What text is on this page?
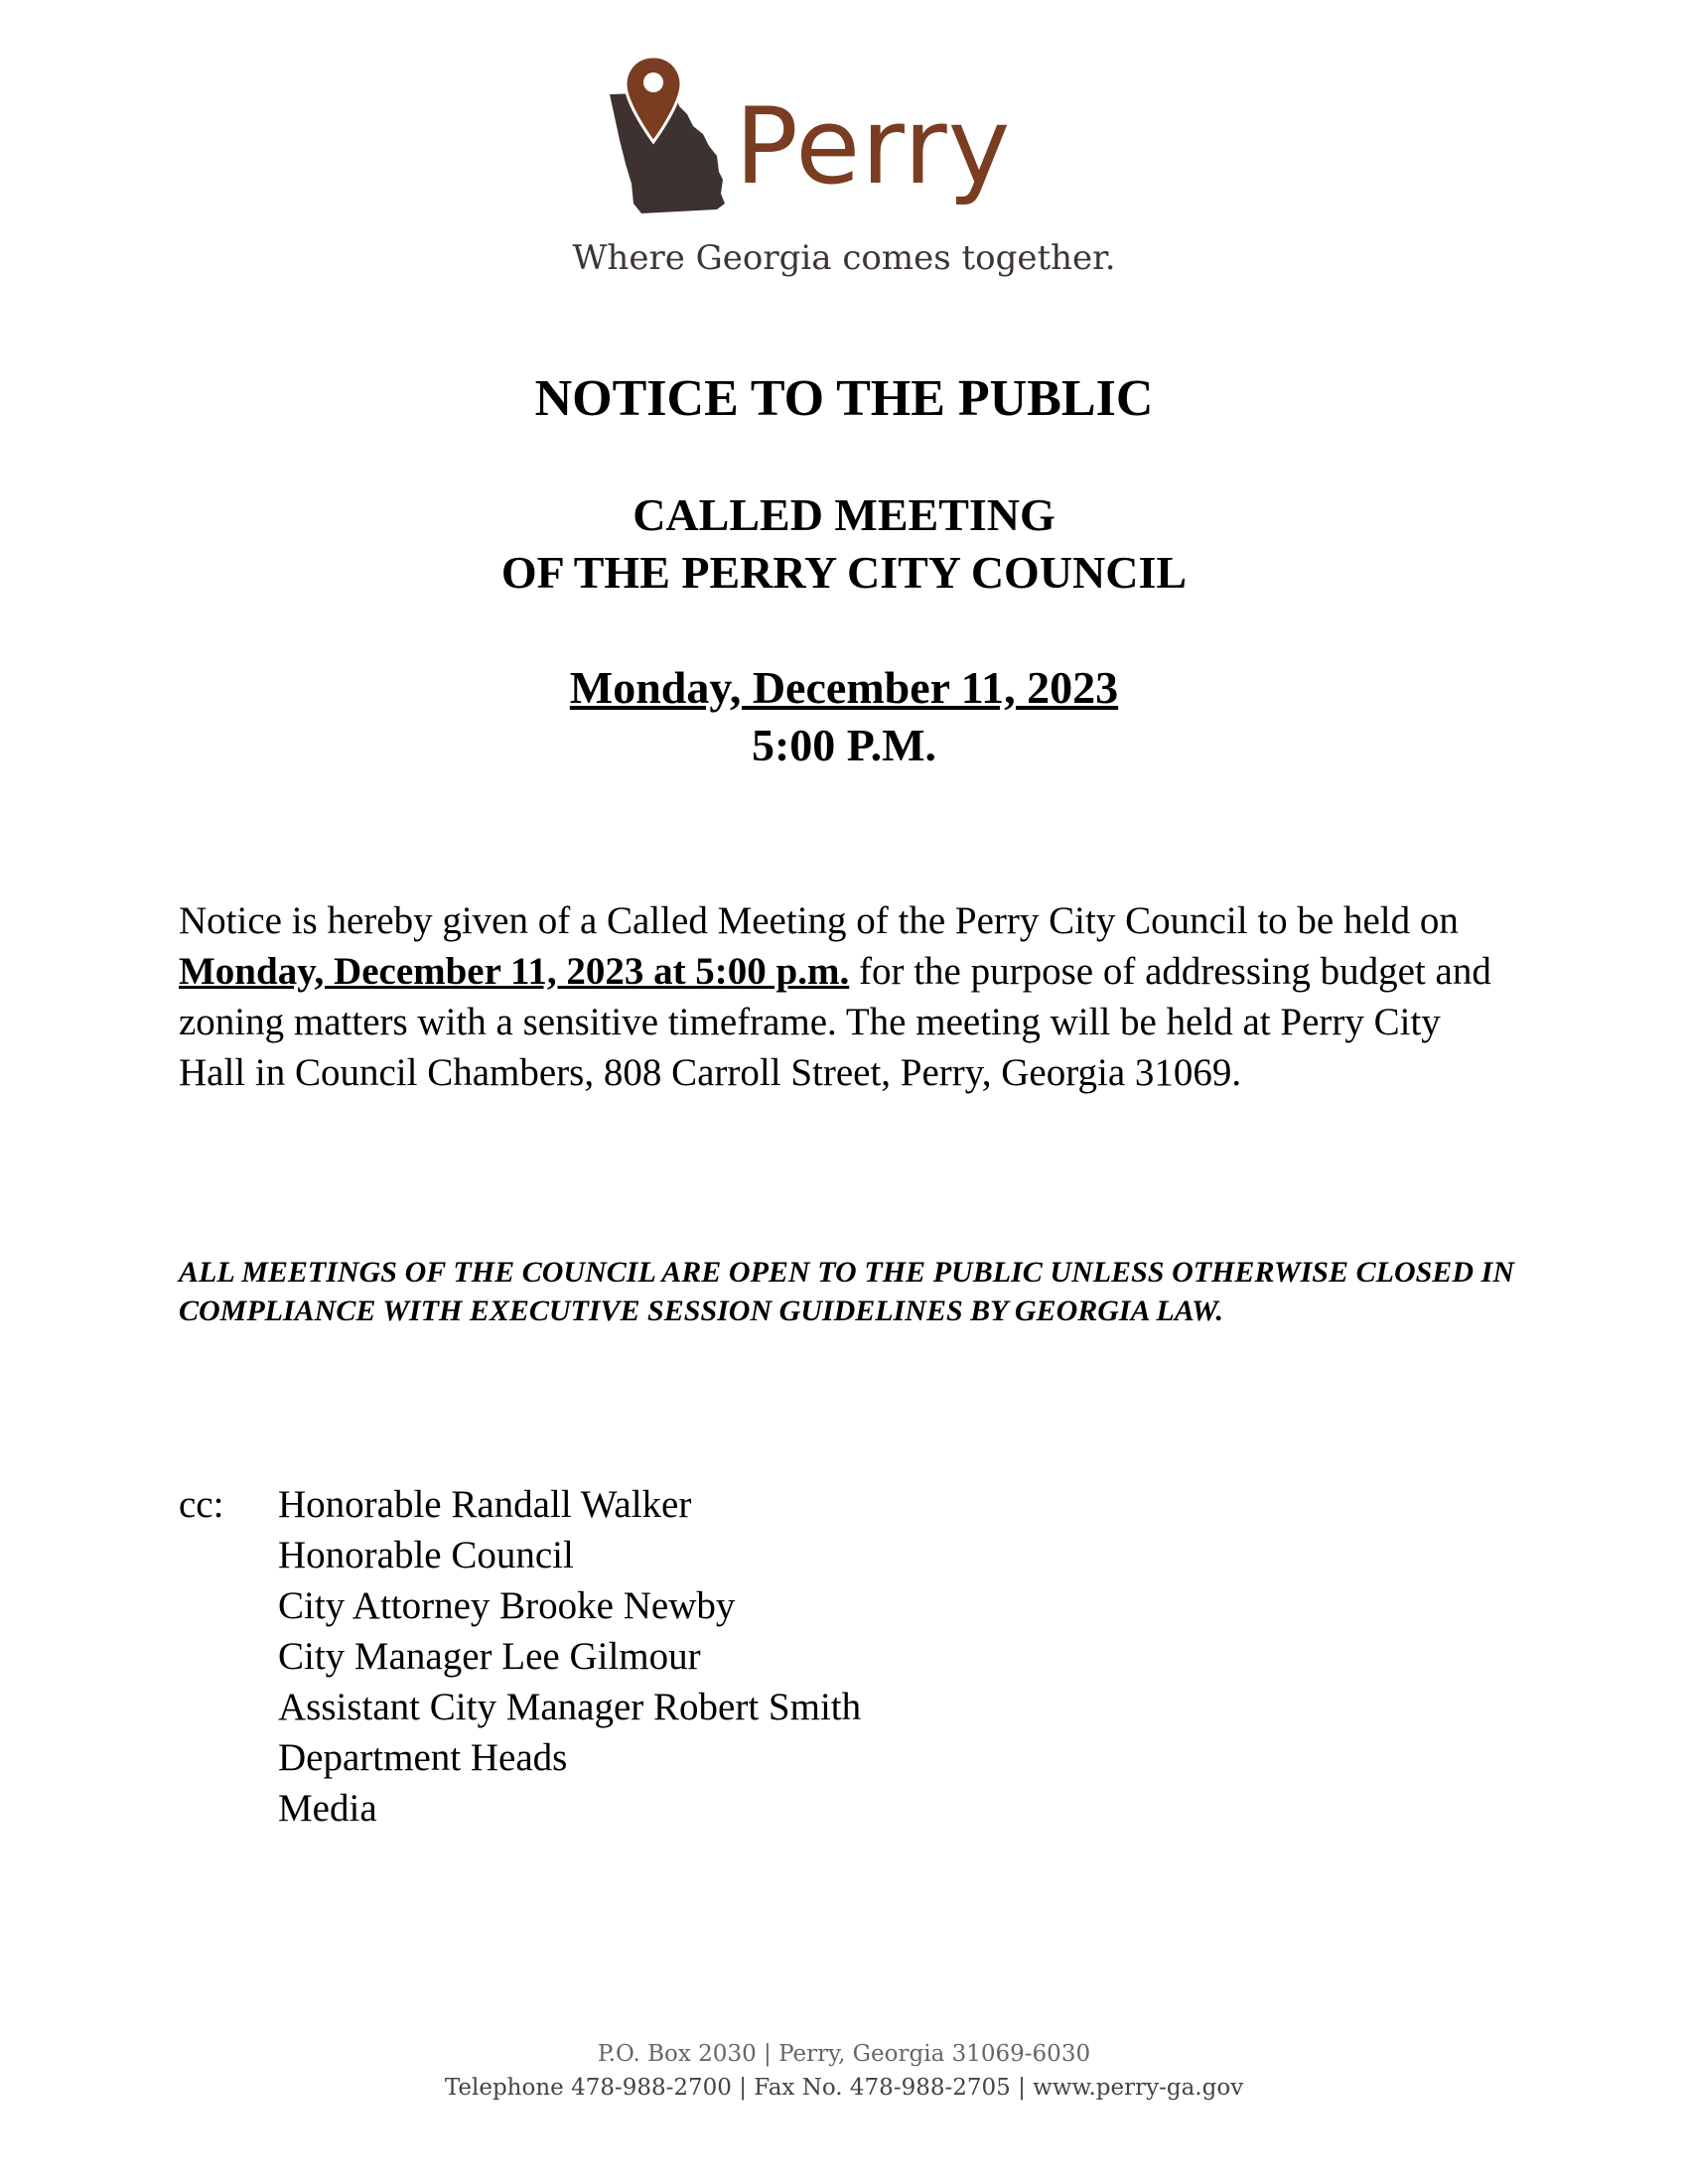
Perry
Where Georgia comes together.
NOTICE TO THE PUBLIC
CALLED MEETING
OF THE PERRY CITY COUNCIL
Monday, December 11, 2023
5:00 P.M.
Notice is hereby given of a Called Meeting of the Perry City Council to be held on Monday, December 11, 2023 at 5:00 p.m. for the purpose of addressing budget and zoning matters with a sensitive timeframe. The meeting will be held at Perry City Hall in Council Chambers, 808 Carroll Street, Perry, Georgia 31069.
ALL MEETINGS OF THE COUNCIL ARE OPEN TO THE PUBLIC UNLESS OTHERWISE CLOSED IN COMPLIANCE WITH EXECUTIVE SESSION GUIDELINES BY GEORGIA LAW.
cc: Honorable Randall Walker
Honorable Council
City Attorney Brooke Newby
City Manager Lee Gilmour
Assistant City Manager Robert Smith
Department Heads
Media
P.O. Box 2030 | Perry, Georgia 31069-6030
Telephone 478-988-2700 | Fax No. 478-988-2705 | www.perry-ga.gov
